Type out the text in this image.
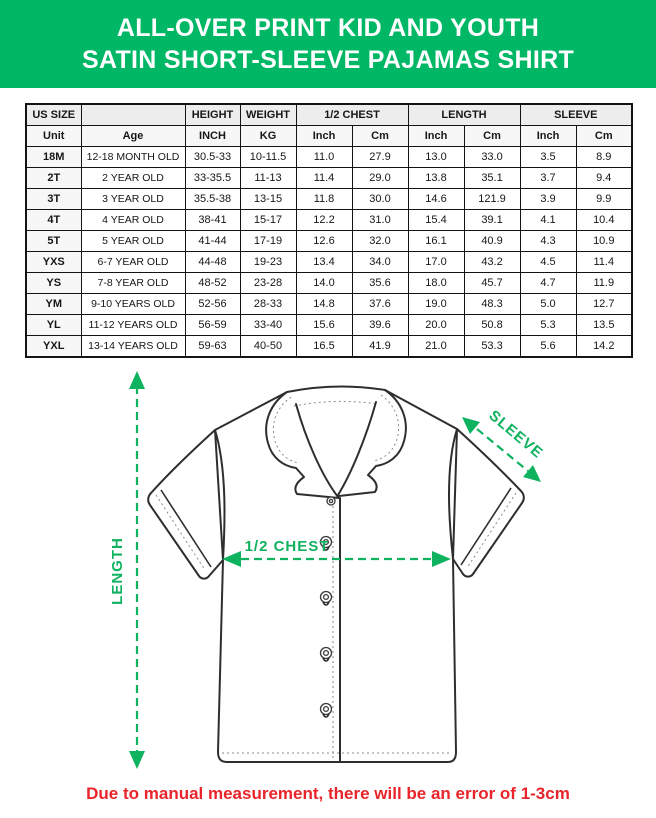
ALL-OVER PRINT KID AND YOUTH
SATIN SHORT-SLEEVE PAJAMAS SHIRT
US SIZE		HEIGHT	WEIGHT	1/2 CHEST		LENGTH		SLEEVE	
Unit	Age	INCH	KG	Inch	Cm	Inch	Cm	Inch	Cm
18M	12-18 MONTH OLD	30.5-33	10-11.5	11.0	27.9	13.0	33.0	3.5	8.9
2T	2 YEAR OLD	33-35.5	11-13	11.4	29.0	13.8	35.1	3.7	9.4
3T	3 YEAR OLD	35.5-38	13-15	11.8	30.0	14.6	121.9	3.9	9.9
4T	4 YEAR OLD	38-41	15-17	12.2	31.0	15.4	39.1	4.1	10.4
5T	5 YEAR OLD	41-44	17-19	12.6	32.0	16.1	40.9	4.3	10.9
YXS	6-7 YEAR OLD	44-48	19-23	13.4	34.0	17.0	43.2	4.5	11.4
YS	7-8 YEAR OLD	48-52	23-28	14.0	35.6	18.0	45.7	4.7	11.9
YM	9-10 YEARS OLD	52-56	28-33	14.8	37.6	19.0	48.3	5.0	12.7
YL	11-12 YEARS OLD	56-59	33-40	15.6	39.6	20.0	50.8	5.3	13.5
YXL	13-14 YEARS OLD	59-63	40-50	16.5	41.9	21.0	53.3	5.6	14.2
LENGTH	1/2 CHEST
SLEEVE
Due to manual measurement, there will be an error of 1-3cm
